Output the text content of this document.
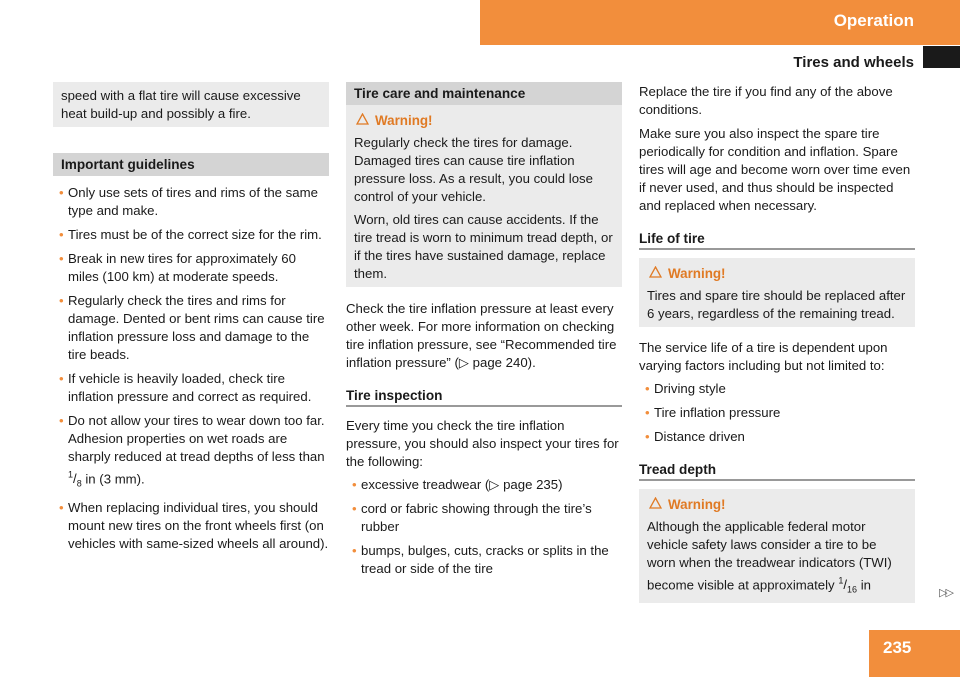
Operation
Tires and wheels

speed with a flat tire will cause excessive heat build-up and possibly a fire.

Important guidelines
• Only use sets of tires and rims of the same type and make.
• Tires must be of the correct size for the rim.
• Break in new tires for approximately 60 miles (100 km) at moderate speeds.
• Regularly check the tires and rims for damage. Dented or bent rims can cause tire inflation pressure loss and damage to the tire beads.
• If vehicle is heavily loaded, check tire inflation pressure and correct as required.
• Do not allow your tires to wear down too far. Adhesion properties on wet roads are sharply reduced at tread depths of less than $^1/_8$ in (3 mm).
• When replacing individual tires, you should mount new tires on the front wheels first (on vehicles with same-sized wheels all around).
Tire care and maintenance
Warning!

Regularly check the tires for damage. Damaged tires can cause tire inflation pressure loss. As a result, you could lose control of your vehicle.

Worn, old tires can cause accidents. If the tire tread is worn to minimum tread depth, or if the tires have sustained damage, replace them.

Check the tire inflation pressure at least every other week. For more information on checking tire inflation pressure, see “Recommended tire inflation pressure” (▷ page 240).

Tire inspection

Every time you check the tire inflation pressure, you should also inspect your tires for the following:

• excessive treadwear (▷ page 235)
• cord or fabric showing through the tire’s rubber
• bumps, bulges, cuts, cracks or splits in the tread or side of the tire

Replace the tire if you find any of the above conditions.

Make sure you also inspect the spare tire periodically for condition and inflation. Spare tires will age and become worn over time even if never used, and thus should be inspected and replaced when necessary.

Life of tire
Warning!

Tires and spare tire should be replaced after 6 years, regardless of the remaining tread.

The service life of a tire is dependent upon varying factors including but not limited to:

• Driving style
• Tire inflation pressure
• Distance driven
Tread depth
Warning!

Although the applicable federal motor vehicle safety laws consider a tire to be worn when the treadwear indicators (TWI) become visible at approximately $^1/_{16}$ in

▷▷
235
